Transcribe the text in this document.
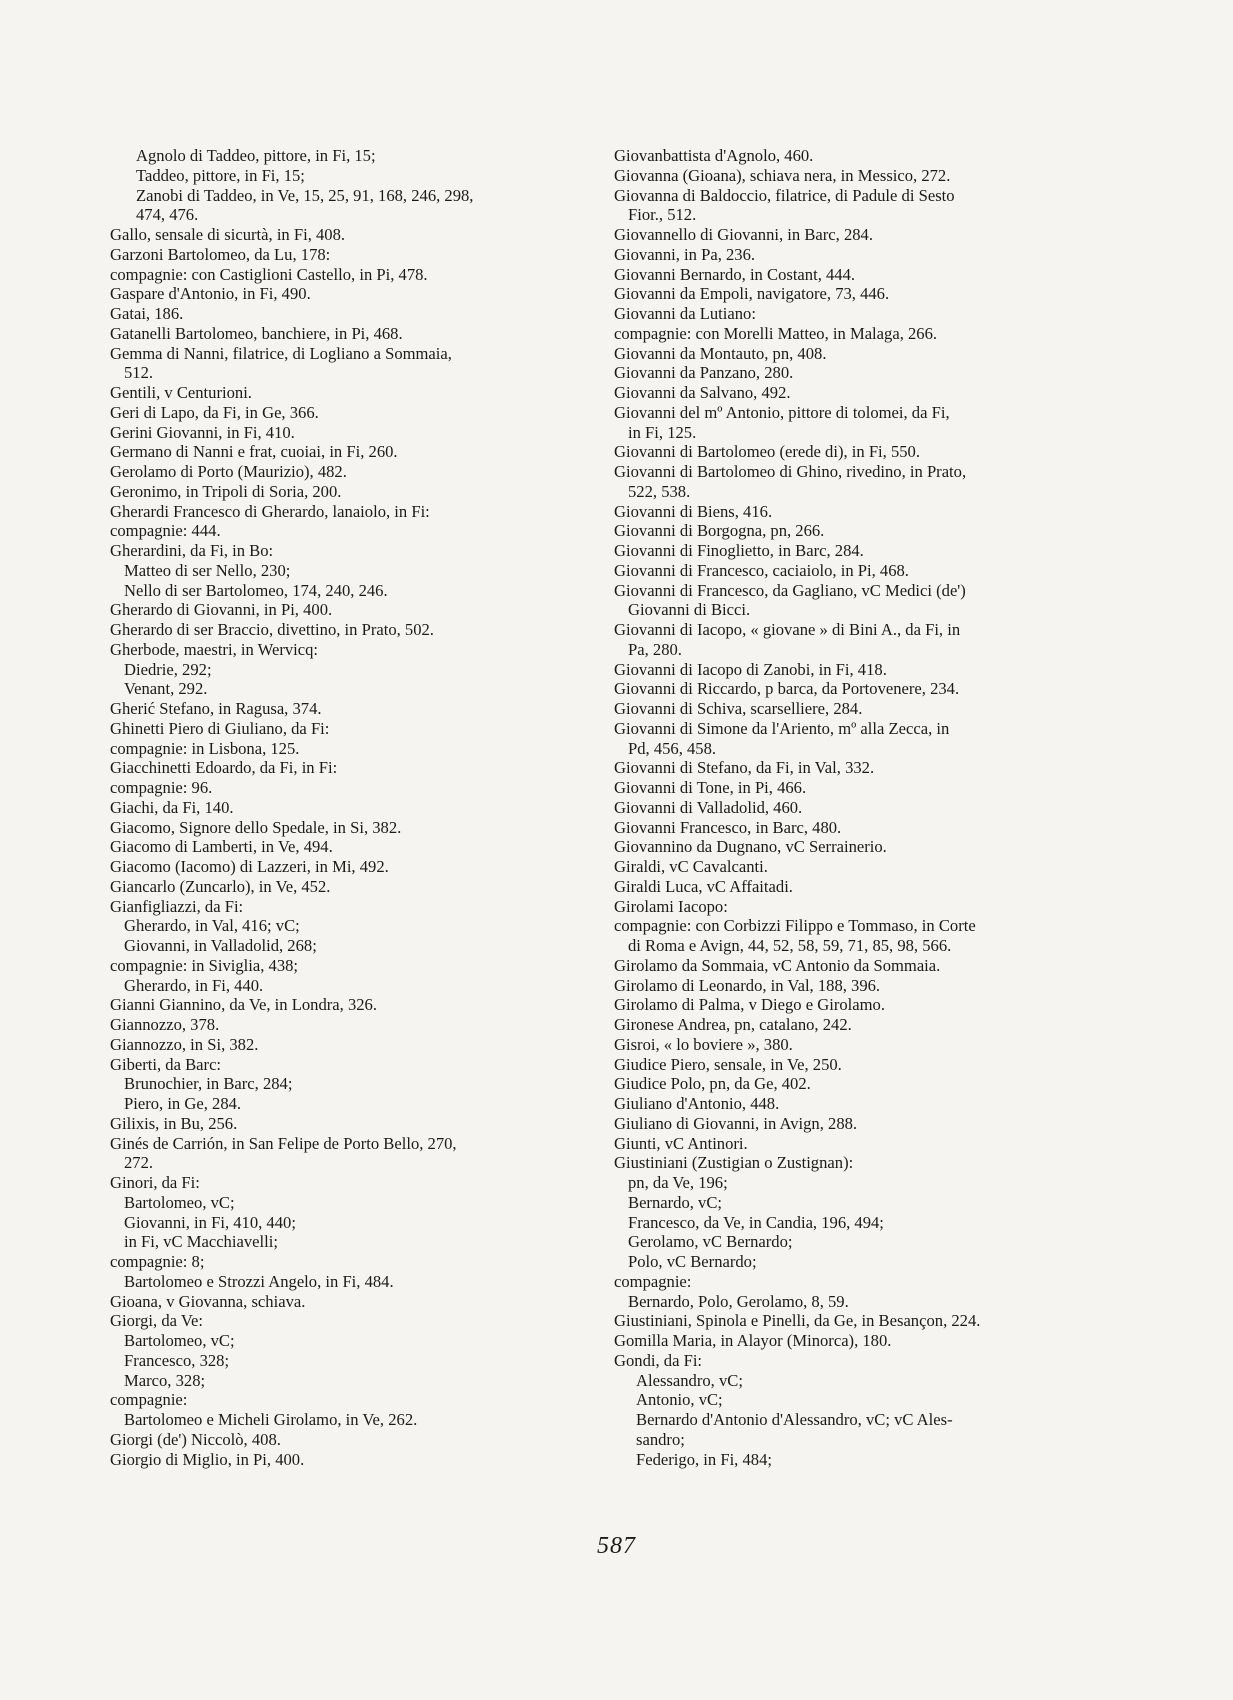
Agnolo di Taddeo, pittore, in Fi, 15;
Taddeo, pittore, in Fi, 15;
Zanobi di Taddeo, in Ve, 15, 25, 91, 168, 246, 298,
474, 476.
Gallo, sensale di sicurtà, in Fi, 408.
Garzoni Bartolomeo, da Lu, 178:
compagnie: con Castiglioni Castello, in Pi, 478.
Gaspare d'Antonio, in Fi, 490.
Gatai, 186.
Gatanelli Bartolomeo, banchiere, in Pi, 468.
Gemma di Nanni, filatrice, di Logliano a Sommaia,
512.
Gentili, v Centurioni.
Geri di Lapo, da Fi, in Ge, 366.
Gerini Giovanni, in Fi, 410.
Germano di Nanni e frat, cuoiai, in Fi, 260.
Gerolamo di Porto (Maurizio), 482.
Geronimo, in Tripoli di Soria, 200.
Gherardi Francesco di Gherardo, lanaiolo, in Fi:
compagnie: 444.
Gherardini, da Fi, in Bo:
Matteo di ser Nello, 230;
Nello di ser Bartolomeo, 174, 240, 246.
Gherardo di Giovanni, in Pi, 400.
Gherardo di ser Braccio, divettino, in Prato, 502.
Gherbode, maestri, in Wervicq:
Diedrie, 292;
Venant, 292.
Gherić Stefano, in Ragusa, 374.
Ghinetti Piero di Giuliano, da Fi:
compagnie: in Lisbona, 125.
Giacchinetti Edoardo, da Fi, in Fi:
compagnie: 96.
Giachi, da Fi, 140.
Giacomo, Signore dello Spedale, in Si, 382.
Giacomo di Lamberti, in Ve, 494.
Giacomo (Iacomo) di Lazzeri, in Mi, 492.
Giancarlo (Zuncarlo), in Ve, 452.
Gianfigliazzi, da Fi:
Gherardo, in Val, 416; vC;
Giovanni, in Valladolid, 268;
compagnie: in Siviglia, 438;
Gherardo, in Fi, 440.
Gianni Giannino, da Ve, in Londra, 326.
Giannozzo, 378.
Giannozzo, in Si, 382.
Giberti, da Barc:
Brunochier, in Barc, 284;
Piero, in Ge, 284.
Gilixis, in Bu, 256.
Ginés de Carrión, in San Felipe de Porto Bello, 270,
272.
Ginori, da Fi:
Bartolomeo, vC;
Giovanni, in Fi, 410, 440;
in Fi, vC Macchiavelli;
compagnie: 8;
Bartolomeo e Strozzi Angelo, in Fi, 484.
Gioana, v Giovanna, schiava.
Giorgi, da Ve:
Bartolomeo, vC;
Francesco, 328;
Marco, 328;
compagnie:
Bartolomeo e Micheli Girolamo, in Ve, 262.
Giorgi (de') Niccolò, 408.
Giorgio di Miglio, in Pi, 400.
Giovanbattista d'Agnolo, 460.
Giovanna (Gioana), schiava nera, in Messico, 272.
Giovanna di Baldoccio, filatrice, di Padule di Sesto
Fior., 512.
Giovannello di Giovanni, in Barc, 284.
Giovanni, in Pa, 236.
Giovanni Bernardo, in Costant, 444.
Giovanni da Empoli, navigatore, 73, 446.
Giovanni da Lutiano:
compagnie: con Morelli Matteo, in Malaga, 266.
Giovanni da Montauto, pn, 408.
Giovanni da Panzano, 280.
Giovanni da Salvano, 492.
Giovanni del mº Antonio, pittore di tolomei, da Fi,
in Fi, 125.
Giovanni di Bartolomeo (erede di), in Fi, 550.
Giovanni di Bartolomeo di Ghino, rivedino, in Prato,
522, 538.
Giovanni di Biens, 416.
Giovanni di Borgogna, pn, 266.
Giovanni di Finoglietto, in Barc, 284.
Giovanni di Francesco, caciaiolo, in Pi, 468.
Giovanni di Francesco, da Gagliano, vC Medici (de')
Giovanni di Bicci.
Giovanni di Iacopo, « giovane » di Bini A., da Fi, in
Pa, 280.
Giovanni di Iacopo di Zanobi, in Fi, 418.
Giovanni di Riccardo, p barca, da Portovenere, 234.
Giovanni di Schiva, scarselliere, 284.
Giovanni di Simone da l'Ariento, mº alla Zecca, in
Pd, 456, 458.
Giovanni di Stefano, da Fi, in Val, 332.
Giovanni di Tone, in Pi, 466.
Giovanni di Valladolid, 460.
Giovanni Francesco, in Barc, 480.
Giovannino da Dugnano, vC Serrainerio.
Giraldi, vC Cavalcanti.
Giraldi Luca, vC Affaitadi.
Girolami Iacopo:
compagnie: con Corbizzi Filippo e Tommaso, in Corte
di Roma e Avign, 44, 52, 58, 59, 71, 85, 98, 566.
Girolamo da Sommaia, vC Antonio da Sommaia.
Girolamo di Leonardo, in Val, 188, 396.
Girolamo di Palma, v Diego e Girolamo.
Gironese Andrea, pn, catalano, 242.
Gisroi, « lo boviere », 380.
Giudice Piero, sensale, in Ve, 250.
Giudice Polo, pn, da Ge, 402.
Giuliano d'Antonio, 448.
Giuliano di Giovanni, in Avign, 288.
Giunti, vC Antinori.
Giustiniani (Zustigian o Zustignan):
pn, da Ve, 196;
Bernardo, vC;
Francesco, da Ve, in Candia, 196, 494;
Gerolamo, vC Bernardo;
Polo, vC Bernardo;
compagnie:
Bernardo, Polo, Gerolamo, 8, 59.
Giustiniani, Spinola e Pinelli, da Ge, in Besançon, 224.
Gomilla Maria, in Alayor (Minorca), 180.
Gondi, da Fi:
Alessandro, vC;
Antonio, vC;
Bernardo d'Antonio d'Alessandro, vC; vC Ales-
sandro;
Federigo, in Fi, 484;
587
